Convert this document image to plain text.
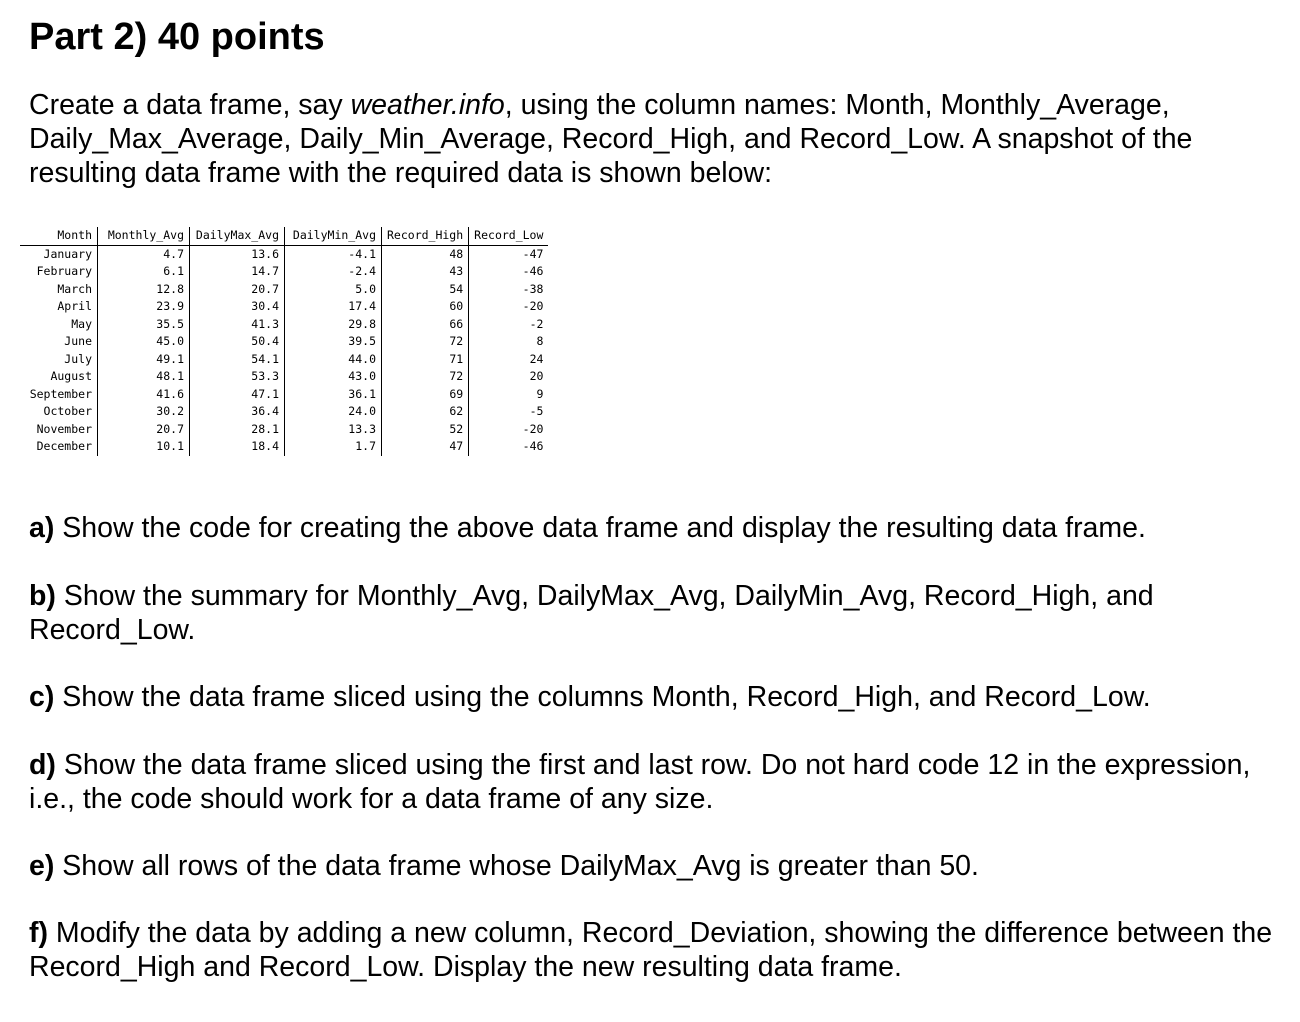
Part 2) 40 points

Create a data frame, say weather.info, using the column names: Month, Monthly_Average, Daily_Max_Average, Daily_Min_Average, Record_High, and Record_Low. A snapshot of the resulting data frame with the required data is shown below:

Month	Monthly_Avg	DailyMax_Avg	DailyMin_Avg	Record_High	Record_Low
January	4.7	13.6	-4.1	48	-47
February	6.1	14.7	-2.4	43	-46
March	12.8	20.7	5.0	54	-38
April	23.9	30.4	17.4	60	-20
May	35.5	41.3	29.8	66	-2
June	45.0	50.4	39.5	72	8
July	49.1	54.1	44.0	71	24
August	48.1	53.3	43.0	72	20
September	41.6	47.1	36.1	69	9
October	30.2	36.4	24.0	62	-5
November	20.7	28.1	13.3	52	-20
December	10.1	18.4	1.7	47	-46

a) Show the code for creating the above data frame and display the resulting data frame.

b) Show the summary for Monthly_Avg, DailyMax_Avg, DailyMin_Avg, Record_High, and Record_Low.

c) Show the data frame sliced using the columns Month, Record_High, and Record_Low.

d) Show the data frame sliced using the first and last row. Do not hard code 12 in the expression, i.e., the code should work for a data frame of any size.

e) Show all rows of the data frame whose DailyMax_Avg is greater than 50.

f) Modify the data by adding a new column, Record_Deviation, showing the difference between the Record_High and Record_Low. Display the new resulting data frame.
